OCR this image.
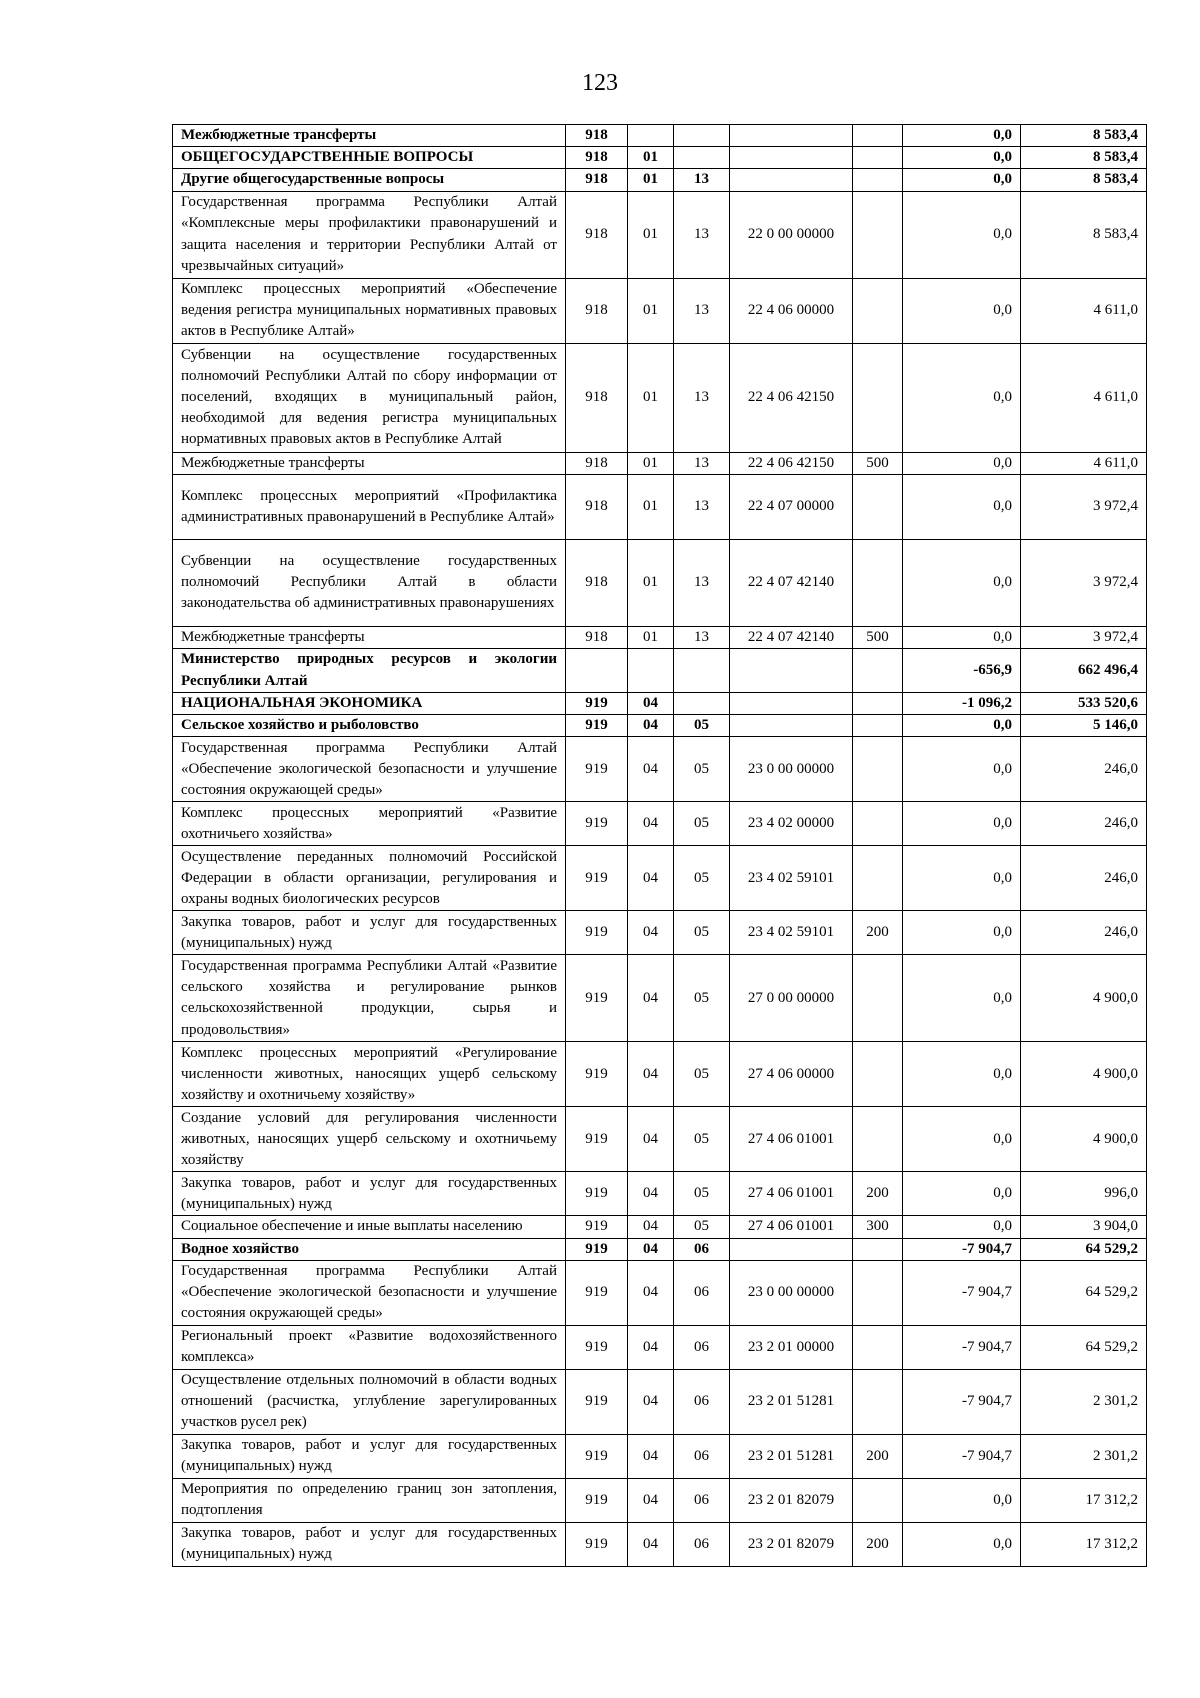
123
Межбюджетные трансферты	918					0,0	8 583,4
ОБЩЕГОСУДАРСТВЕННЫЕ ВОПРОСЫ	918	01				0,0	8 583,4
Другие общегосударственные вопросы	918	01	13			0,0	8 583,4
Государственная программа Республики Алтай «Комплексные меры профилактики правонарушений и защита населения и территории Республики Алтай от чрезвычайных ситуаций»	918	01	13	22 0 00 00000		0,0	8 583,4
Комплекс процессных мероприятий «Обеспечение ведения регистра муниципальных нормативных правовых актов в Республике Алтай»	918	01	13	22 4 06 00000		0,0	4 611,0
Субвенции на осуществление государственных полномочий Республики Алтай по сбору информации от поселений, входящих в муниципальный район, необходимой для ведения регистра муниципальных нормативных правовых актов в Республике Алтай	918	01	13	22 4 06 42150		0,0	4 611,0
Межбюджетные трансферты	918	01	13	22 4 06 42150	500	0,0	4 611,0
Комплекс процессных мероприятий «Профилактика административных правонарушений в Республике Алтай»	918	01	13	22 4 07 00000		0,0	3 972,4
Субвенции на осуществление государственных полномочий Республики Алтай в области законодательства об административных правонарушениях	918	01	13	22 4 07 42140		0,0	3 972,4
Межбюджетные трансферты	918	01	13	22 4 07 42140	500	0,0	3 972,4
Министерство природных ресурсов и экологии Республики Алтай						-656,9	662 496,4
НАЦИОНАЛЬНАЯ ЭКОНОМИКА	919	04				-1 096,2	533 520,6
Сельское хозяйство и рыболовство	919	04	05			0,0	5 146,0
Государственная программа Республики Алтай «Обеспечение экологической безопасности и улучшение состояния окружающей среды»	919	04	05	23 0 00 00000		0,0	246,0
Комплекс процессных мероприятий «Развитие охотничьего хозяйства»	919	04	05	23 4 02 00000		0,0	246,0
Осуществление переданных полномочий Российской Федерации в области организации, регулирования и охраны водных биологических ресурсов	919	04	05	23 4 02 59101		0,0	246,0
Закупка товаров, работ и услуг для государственных (муниципальных) нужд	919	04	05	23 4 02 59101	200	0,0	246,0
Государственная программа Республики Алтай «Развитие сельского хозяйства и регулирование рынков сельскохозяйственной продукции, сырья и продовольствия»	919	04	05	27 0 00 00000		0,0	4 900,0
Комплекс процессных мероприятий «Регулирование численности животных, наносящих ущерб сельскому хозяйству и охотничьему хозяйству»	919	04	05	27 4 06 00000		0,0	4 900,0
Создание условий для регулирования численности животных, наносящих ущерб сельскому и охотничьему хозяйству	919	04	05	27 4 06 01001		0,0	4 900,0
Закупка товаров, работ и услуг для государственных (муниципальных) нужд	919	04	05	27 4 06 01001	200	0,0	996,0
Социальное обеспечение и иные выплаты населению	919	04	05	27 4 06 01001	300	0,0	3 904,0
Водное хозяйство	919	04	06			-7 904,7	64 529,2
Государственная программа Республики Алтай «Обеспечение экологической безопасности и улучшение состояния окружающей среды»	919	04	06	23 0 00 00000		-7 904,7	64 529,2
Региональный проект «Развитие водохозяйственного комплекса»	919	04	06	23 2 01 00000		-7 904,7	64 529,2
Осуществление отдельных полномочий в области водных отношений (расчистка, углубление зарегулированных участков русел рек)	919	04	06	23 2 01 51281		-7 904,7	2 301,2
Закупка товаров, работ и услуг для государственных (муниципальных) нужд	919	04	06	23 2 01 51281	200	-7 904,7	2 301,2
Мероприятия по определению границ зон затопления, подтопления	919	04	06	23 2 01 82079		0,0	17 312,2
Закупка товаров, работ и услуг для государственных (муниципальных) нужд	919	04	06	23 2 01 82079	200	0,0	17 312,2
